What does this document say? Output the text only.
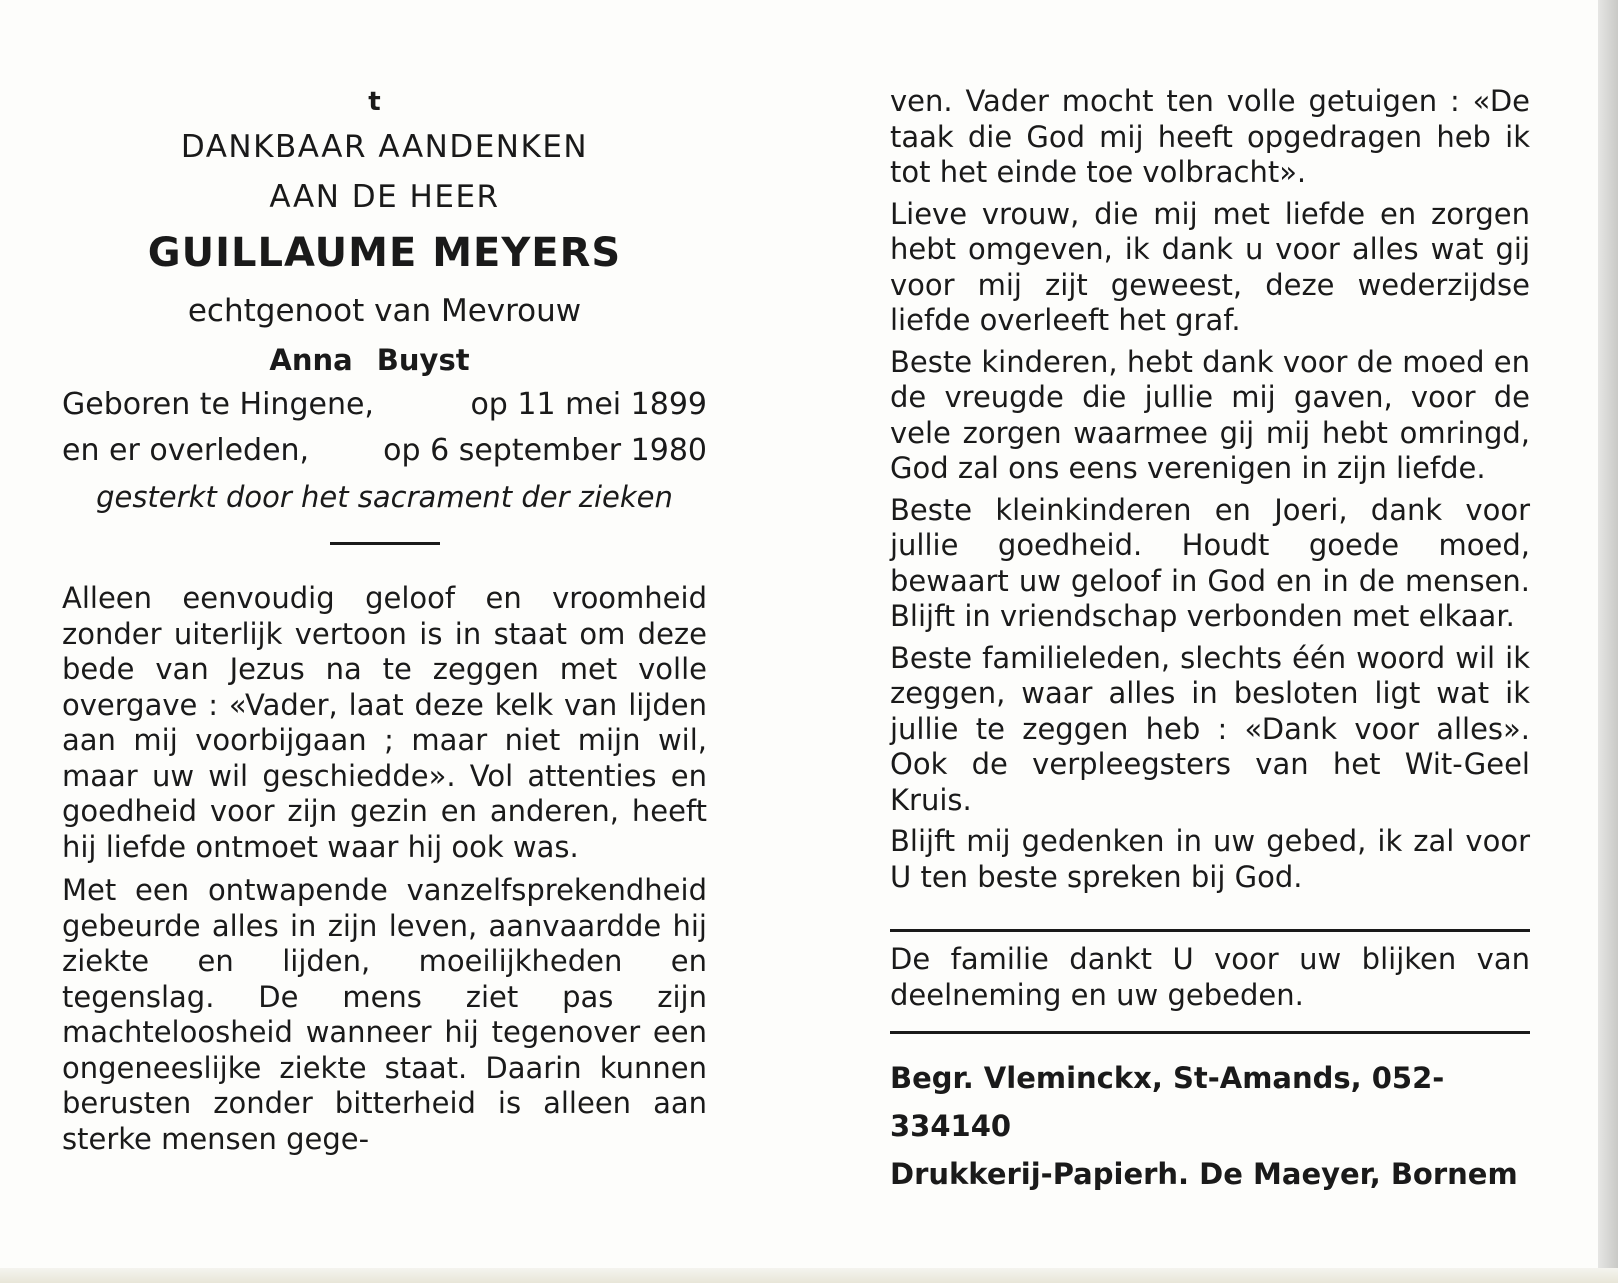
t
DANKBAAR AANDENKEN
AAN DE HEER
GUILLAUME MEYERS
echtgenoot van Mevrouw
Anna Buyst
Geboren te Hingene,	op 11 mei 1899
en er overleden, op 6 september 1980
gesterkt door het sacrament der zieken
Alleen eenvoudig geloof en vroomheid zonder uiterlijk vertoon is in staat om deze bede van Jezus na te zeggen met volle overgave : «Vader, laat deze kelk van lijden aan mij voorbijgaan ; maar niet mijn wil, maar uw wil geschiedde». Vol attenties en goedheid voor zijn gezin en anderen, heeft hij liefde ontmoet waar hij ook was.
Met een ontwapende vanzelfsprekendheid gebeurde alles in zijn leven, aanvaardde hij ziekte en lijden, moeilijkheden en tegenslag. De mens ziet pas zijn machteloosheid wanneer hij tegenover een ongeneeslijke ziekte staat. Daarin kunnen berusten zonder bitterheid is alleen aan sterke mensen gege-
ven. Vader mocht ten volle getuigen : «De taak die God mij heeft opgedragen heb ik tot het einde toe volbracht».
Lieve vrouw, die mij met liefde en zorgen hebt omgeven, ik dank u voor alles wat gij voor mij zijt geweest, deze wederzijdse liefde overleeft het graf.
Beste kinderen, hebt dank voor de moed en de vreugde die jullie mij gaven, voor de vele zorgen waarmee gij mij hebt omringd, God zal ons eens verenigen in zijn liefde.
Beste kleinkinderen en Joeri, dank voor jullie goedheid. Houdt goede moed, bewaart uw geloof in God en in de mensen. Blijft in vriendschap verbonden met elkaar.
Beste familieleden, slechts één woord wil ik zeggen, waar alles in besloten ligt wat ik jullie te zeggen heb : «Dank voor alles». Ook de verpleegsters van het Wit-Geel Kruis.
Blijft mij gedenken in uw gebed, ik zal voor U ten beste spreken bij God.
De familie dankt U voor uw blijken van deelneming en uw gebeden.
Begr. Vleminckx, St-Amands, 052-334140
Drukkerij-Papierh. De Maeyer, Bornem
